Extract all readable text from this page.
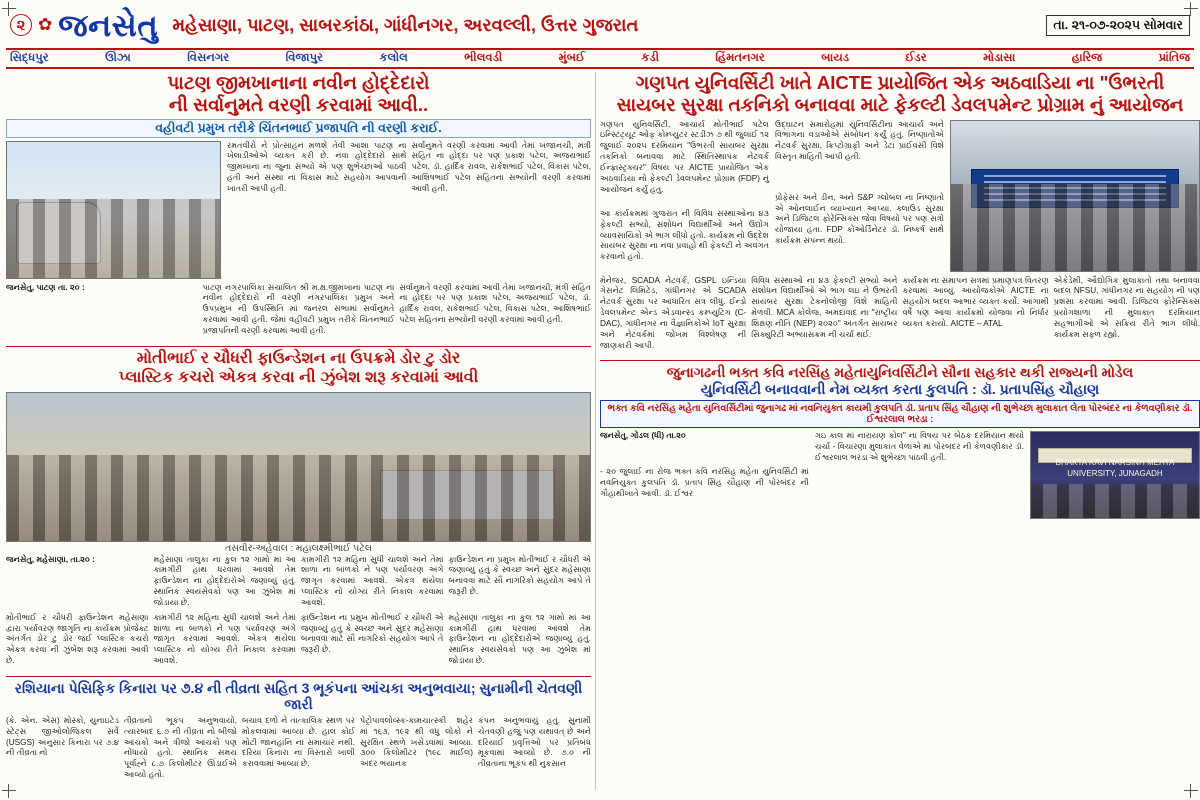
૨ ✿ જનસેતુ મહેસાણા, પાટણ, સાબરકાંઠા, ગાંધીનગર, અરવલ્લી, ઉત્તર ગુજરાત	તા. ૨૧-૦૭-૨૦૨૫ સોમવાર
સિદ્ધપુર	ઊંઝા	વિસનગર	વિજાપુર	કલોલ	ભીલવડી	મુંબઈ	કડી	હિંમતનગર	બાયડ	ઈડર	મોડાસા	હારિજ	પ્રાંતિજ
પાટણ જીમખાનાના નવીન હોદ્દેદારો
ની સર્વાનુમતે વરણી કરવામાં આવી..
વહીવટી પ્રમુખ તરીકે ચિંતનભાઈ પ્રજાપતિ ની વરણી કરાઈ.

રમતવીરો ને પ્રોત્સાહન મળશે તેવી આશા પાટણ ના ખેલાડીઓએ વ્યક્ત કરી છે. નવા હોદ્દેદારો સાથે જીમખાના ના જુના સભ્યો એ પણ શુભેચ્છાઓ પાઠવી હતી અને સંસ્થા ના વિકાસ માટે સહયોગ આપવાની ખાતરી આપી હતી.

સર્વાનુમતે વરણી કરવામાં આવી તેમાં ખજાનચી, મંત્રી સહિત ના હોદ્દા પર પણ પ્રકાશ પટેલ, અજયભાઈ પટેલ, ડૉ. હાર્દિક રાવલ, રાકેશભાઈ પટેલ, વિકાસ પટેલ, આશિષભાઈ પટેલ સહિતના સભ્યોની વરણી કરવામાં આવી હતી.

જનસેતુ, પાટણ તા. ૨૦ :	પાટણ નગરપાલિકા સંચાલિત શ્રી મ.ક્ષ.જીમખાના પાટણ ના નવીન હોદ્દેદારો ની વરણી નગરપાલિકા પ્રમુખ અને ઉપપ્રમુખ ની ઉપસ્થિતિ માં જનરલ સભામાં સર્વાનુમતે કરવામાં આવી હતી. જેમાં વહીવટી પ્રમુખ તરીકે ચિંતનભાઈ પ્રજાપતિની વરણી કરવામાં આવી હતી.

સર્વાનુમતે વરણી કરવામાં આવી તેમાં ખજાનચી, મંત્રી સહિત ના હોદ્દા પર પણ પ્રકાશ પટેલ, અજયભાઈ પટેલ, ડૉ. હાર્દિક રાવલ, રાકેશભાઈ પટેલ, વિકાસ પટેલ, આશિષભાઈ પટેલ સહિતના સભ્યોની વરણી કરવામાં આવી હતી.

મોતીભાઈ ર ચૌધરી ફાઉન્ડેશન ના ઉપક્રમે ડોર ટુ ડોર
પ્લાસ્ટિક કચરો એકત્ર કરવા ની ઝુંબેશ શરૂ કરવામાં આવી
તસવીર-અહેવાલ : મહાલક્ષ્મીભાઈ પટેલ

જનસેતુ, મહેસાણા, તા.૨૦ :	મહેસાણા તાલુકા ના કુલ ૧૨ ગામો માં આ કામગીરી હાથ ધરવામાં આવશે તેમ ફાઉન્ડેશન ના હોદ્દેદારોએ જણાવ્યું હતું. સ્થાનિક સ્વયંસેવકો પણ આ ઝુંબેશ માં જોડાયા છે.

કામગીરી ૧૨ મહિના સુધી ચાલશે અને તેમાં શાળા ના બાળકો ને પણ પર્યાવરણ અંગે જાગૃત કરવામાં આવશે. એકત્ર થયેલા પ્લાસ્ટિક નો યોગ્ય રીતે નિકાલ કરવામાં આવશે.

ફાઉન્ડેશન ના પ્રમુખ મોતીભાઈ ર ચૌધરી એ જણાવ્યું હતું કે સ્વચ્છ અને સુંદર મહેસાણા બનાવવા માટે સૌ નાગરિકો સહયોગ આપે તે જરૂરી છે.

મોતીભાઈ ર ચૌધરી ફાઉન્ડેશન મહેસાણા દ્વારા પર્યાવરણ જાગૃતિ ના કાર્યક્રમ પ્રોજેક્ટ અંતર્ગત ડોર ટુ ડોર જઈ પ્લાસ્ટિક કચરો એકત્ર કરવા ની ઝુંબેશ શરૂ કરવામાં આવી છે.

કામગીરી ૧૨ મહિના સુધી ચાલશે અને તેમાં શાળા ના બાળકો ને પણ પર્યાવરણ અંગે જાગૃત કરવામાં આવશે. એકત્ર થયેલા પ્લાસ્ટિક નો યોગ્ય રીતે નિકાલ કરવામાં આવશે.

ફાઉન્ડેશન ના પ્રમુખ મોતીભાઈ ર ચૌધરી એ જણાવ્યું હતું કે સ્વચ્છ અને સુંદર મહેસાણા બનાવવા માટે સૌ નાગરિકો સહયોગ આપે તે જરૂરી છે.

મહેસાણા તાલુકા ના કુલ ૧૨ ગામો માં આ કામગીરી હાથ ધરવામાં આવશે તેમ ફાઉન્ડેશન ના હોદ્દેદારોએ જણાવ્યું હતું. સ્થાનિક સ્વયંસેવકો પણ આ ઝુંબેશ માં જોડાયા છે.

રશિયાના પેસિફિક કિનારા પર ૭.૪ ની તીવ્રતા સહિત 3 ભૂકંપના આંચકા અનુભવાયા; સુનામીની ચેતવણી જારી

(કે. એન. એસ) મોસ્કો, યુનાઇટેડ સ્ટેટ્સ જીઓલોજિકલ સર્વે (USGS) અનુસાર કિનારા પર ૭.૪ ની તીવ્રતા નો

તીવ્રતાનો ભૂકંપ અનુભવાયો, ત્યારબાદ ૬.૭ ની તીવ્રતા નો બીજો આંચકો અને ત્રીજો આંચકો પણ નોંધાયો હતો. સ્થાનિક સમય પૂર્વાહ્ને ૮.૭ કિલોમીટર ઊંડાઈએ આવ્યો હતો.

બચાવ દળો ને તાત્કાલિક સ્થળ પર મોકલવામાં આવ્યા છે. હાલ કોઈ મોટી જાનહાનિ ના સમાચાર નથી. દરિયા કિનારા ના વિસ્તારો ખાલી કરાવવામાં આવ્યા છે.

પેટ્રોપાવલોવ્સ્ક-કામચાત્સ્કી શહેર માં ૧૬૩, ૧૯૨ થી વધુ લોકો ને સુરક્ષિત સ્થળે ખસેડવામાં આવ્યા. ૩૦૦ કિલોમીટર (૧૯૮ માઈલ) અંદર ભયાનક

કંપન અનુભવાયું હતું. સુનામી ચેતવણી હજુ પણ યથાવત્ છે અને દરિયાઈ પ્રવૃત્તિઓ પર પ્રતિબંધ મૂકવામાં આવ્યો છે. ૭.૦ ની તીવ્રતાના ભૂકંપ થી નુકસાન

ગણપત યુનિવર્સિટી ખાતે AICTE પ્રાયોજિત એક અઠવાડિયા ના "ઉભરતી
સાયબર સુરક્ષા તકનિકો બનાવવા માટે ફેકલ્ટી ડેવલપમેન્ટ પ્રોગ્રામ નું આયોજન

ગણપત યુનિવર્સિટી, આચાર્ય મોતીભાઈ પટેલ ઇન્સ્ટિટ્યૂટ ઓફ કોમ્પ્યુટર સ્ટડીઝ ૭ થી જુલાઈ ૧૨ જુલાઈ ૨૦૨૫ દરમિયાન "ઉભરતી સાયબર સુરક્ષા તકનિકો બનાવવા માટે સ્થિતિસ્થાપક નેટવર્ક ઈન્ફ્રાસ્ટ્રક્ચર" વિષય પર AICTE પ્રાયોજિત એક અઠવાડિયા નો ફેકલ્ટી ડેવલપમેન્ટ પ્રોગ્રામ (FDP) નું આયોજન કર્યું હતું.

આ કાર્યક્રમમાં ગુજરાત ની વિવિધ સંસ્થાઓના ૪૩ ફેકલ્ટી સભ્યો, સંશોધન વિદ્યાર્થીઓ અને ઉદ્યોગ વ્યાવસાયિકો એ ભાગ લીધો હતો. કાર્યક્રમ નો ઉદ્દેશ સાયબર સુરક્ષા ના નવા પ્રવાહો થી ફેકલ્ટી ને અવગત કરવાનો હતો.

ઉદ્ઘાટન સમારોહમાં યુનિવર્સિટીના આચાર્ય અને વિભાગના વડાઓએ સંબોધન કર્યું હતું. નિષ્ણાતોએ નેટવર્ક સુરક્ષા, ક્રિપ્ટોગ્રાફી અને ડેટા પ્રાઈવસી વિશે વિસ્તૃત માહિતી આપી હતી.

પ્રોફેસર અને ડીન, અને S&P ગ્લોબલ ના નિષ્ણાતો એ ઓનલાઈન વ્યાખ્યાન આપ્યા. ક્લાઉડ સુરક્ષા અને ડિજિટલ ફોરેન્સિક્સ જેવા વિષયો પર પણ સત્રો યોજાયા હતા. FDP કોઓર્ડિનેટર ડૉ. નિષ્કર્ષ સાથે કાર્યક્રમ સંપન્ન થયો.

મેનેજર, SCADA નેટવર્ક, GSPL ઇન્ડિયા ગેસનેટ લિમિટેડ, ગાંધીનગર એ SCADA નેટવર્ક સુરક્ષા પર આધારિત સત્ર લીધું. ઈન્ડો ડેવલપમેન્ટ એન્ડ એડવાન્સ્ડ કમ્પ્યુટિંગ (C-DAC), ગાંધીનગર ના વૈજ્ઞાનિકોએ IoT સુરક્ષા અને નેટવર્કમાં જોખમ વિશ્લેષણ ની જાણકારી આપી.

વિવિધ સંસ્થાઓ ના ૪૩ ફેકલ્ટી સભ્યો અને સંશોધન વિદ્યાર્થીઓ એ ભાગ લઇ ને ઉભરતી સાયબર સુરક્ષા ટેકનોલોજી વિશે માહિતી મેળવી. MCA કોલેજ, અમદાવાદ ના "રાષ્ટ્રીય શિક્ષણ નીતિ (NEP) ૨૦૨૦" અંતર્ગત સાયબર સિક્યુરિટી અભ્યાસક્રમ ની ચર્ચા થઈ.

કાર્યક્રમ ના સમાપન સત્રમાં પ્રમાણપત્ર વિતરણ કરવામાં આવ્યું. આયોજકોએ AICTE ના સહયોગ બદલ આભાર વ્યક્ત કર્યો. આગામી વર્ષે પણ આવા કાર્યક્રમો યોજવા નો નિર્ધાર વ્યક્ત કરાયો. AICTE – ATAL

એકેડેમી, ઔદ્યોગિક મુલાકાતો તથા બનાવવા બદલ NFSU, ગાંધીનગર ના સહયોગ ની પણ પ્રશંસા કરવામાં આવી. ડિજિટલ ફોરેન્સિક્સ પ્રયોગશાળા ની મુલાકાત દરમિયાન સહભાગીઓ એ સક્રિય રીતે ભાગ લીધો. કાર્યક્રમ સફળ રહ્યો.

જુનાગઢની ભક્ત કવિ નરસિંહ મહેતાયુનિવર્સિટીને સૌના સહકાર થકી રાજ્યની મોડેલ
યુનિવર્સિટી બનાવવાની નેમ વ્યક્ત કરતા કુલપતિ : ડૉ. પ્રતાપસિંહ ચૌહાણ
ભક્ત કવિ નરસિંહ મહેતા યુનિવર્સિટીમાં જુનાગઢ માં નવનિયુક્ત કાયમી કુલપતિ ડૉ. પ્રતાપ સિંહ ચૌહાણ ની શુભેચ્છા મુલાકાત લેતા પોરબંદર ના કેળવણીકાર ડૉ. ઈશ્વરલાલ ભરડા :

જનસેતુ, ગોંડલ (ધી) તા.૨૦

- ૨૦ જુલાઈ ના રોજ ભક્ત કવિ નરસિંહ મહેતા યુનિવર્સિટી માં નવનિયુક્ત કુલપતિ ડૉ. પ્રતાપ સિંહ ચૌહાણ ની પોરબંદર ની ગૌહાથીખાતે આવી. ડૉ. ઈશ્વર

ગઇ કાલ માં નારાયણ કોલ" ના વિષય પર બેઠક દરમિયાન થયો ચર્ચા - વિચારણા મુલાકાત વેળાએ માં પોરબંદર ની કેળવણીકાર ડૉ. ઈશ્વરલાલ ભરડા એ શુભેચ્છા પાઠવી હતી.

BHAKTA KAVI NARSINH MEHTA UNIVERSITY, JUNAGADH
